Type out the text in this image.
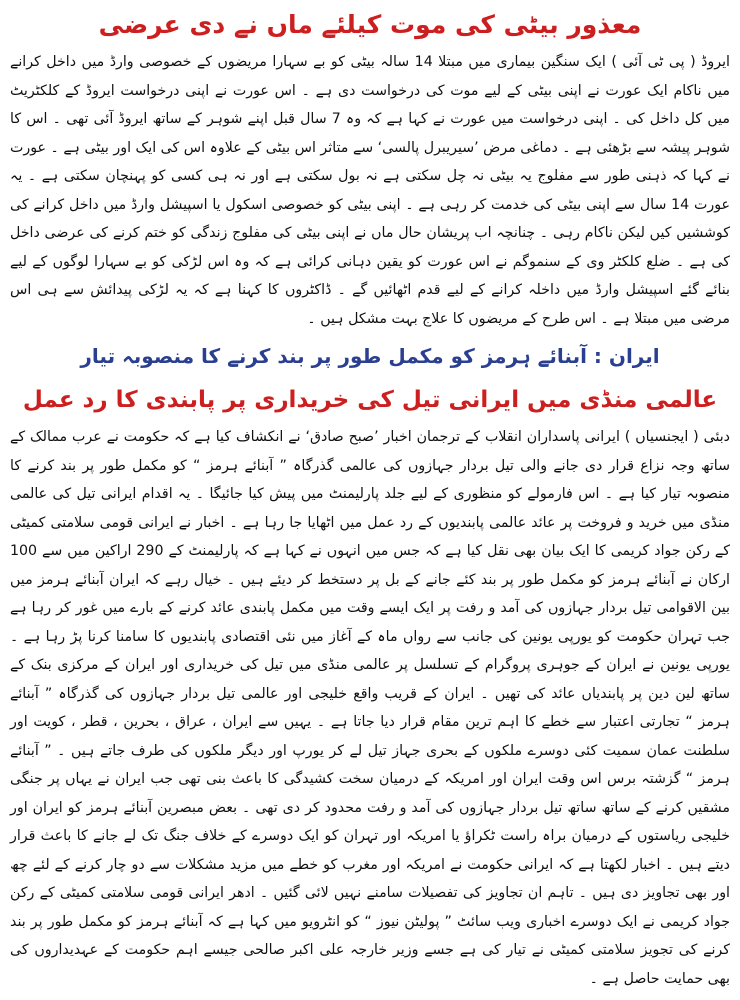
معذور بیٹی کی موت کیلئے ماں نے دی عرضی

ایروڈ ( پی ٹی آئی ) ایک سنگین بیماری میں مبتلا 14 سالہ بیٹی کو بے سہارا مریضوں کے خصوصی وارڈ میں داخل کرانے میں ناکام ایک عورت نے اپنی بیٹی کے لیے موت کی درخواست دی ہے ۔ اس عورت نے اپنی درخواست ایروڈ کے کلکٹریٹ میں کل داخل کی ۔ اپنی درخواست میں عورت نے کہا ہے کہ وہ 7 سال قبل اپنے شوہر کے ساتھ ایروڈ آئی تھی ۔ اس کا شوہر پیشہ سے بڑھئی ہے ۔ دماغی مرض ’سیریبرل پالسی‘ سے متاثر اس بیٹی کے علاوہ اس کی ایک اور بیٹی ہے ۔ عورت نے کہا کہ ذہنی طور سے مفلوج یہ بیٹی نہ چل سکتی ہے نہ بول سکتی ہے اور نہ ہی کسی کو پہنچان سکتی ہے ۔ یہ عورت 14 سال سے اپنی بیٹی کی خدمت کر رہی ہے ۔ اپنی بیٹی کو خصوصی اسکول یا اسپیشل وارڈ میں داخل کرانے کی کوششیں کیں لیکن ناکام رہی ۔ چنانچہ اب پریشان حال ماں نے اپنی بیٹی کی مفلوج زندگی کو ختم کرنے کی عرضی داخل کی ہے ۔ ضلع کلکٹر وی کے سنموگم نے اس عورت کو یقین دہانی کرائی ہے کہ وہ اس لڑکی کو بے سہارا لوگوں کے لیے بنائے گئے اسپیشل وارڈ میں داخلہ کرانے کے لیے قدم اٹھائیں گے ۔ ڈاکٹروں کا کہنا ہے کہ یہ لڑکی پیدائش سے ہی اس مرضی میں مبتلا ہے ۔ اس طرح کے مریضوں کا علاج بہت مشکل ہیں ۔

ایران : آبنائے ہرمز کو مکمل طور پر بند کرنے کا منصوبہ تیار
عالمی منڈی میں ایرانی تیل کی خریداری پر پابندی کا رد عمل

دبئی ( ایجنسیاں ) ایرانی پاسداران انقلاب کے ترجمان اخبار ’صبح صادق‘ نے انکشاف کیا ہے کہ حکومت نے عرب ممالک کے ساتھ وجہ نزاع قرار دی جانے والی تیل بردار جہازوں کی عالمی گذرگاہ ” آبنائے ہرمز “ کو مکمل طور پر بند کرنے کا منصوبہ تیار کیا ہے ۔ اس فارمولے کو منظوری کے لیے جلد پارلیمنٹ میں پیش کیا جائیگا ۔ یہ اقدام ایرانی تیل کی عالمی منڈی میں خرید و فروخت پر عائد عالمی پابندیوں کے رد عمل میں اٹھایا جا رہا ہے ۔ اخبار نے ایرانی قومی سلامتی کمیٹی کے رکن جواد کریمی کا ایک بیان بھی نقل کیا ہے کہ جس میں انہوں نے کہا ہے کہ پارلیمنٹ کے 290 اراکین میں سے 100 ارکان نے آبنائے ہرمز کو مکمل طور پر بند کئے جانے کے بل پر دستخط کر دیئے ہیں ۔ خیال رہے کہ ایران آبنائے ہرمز میں بین الاقوامی تیل بردار جہازوں کی آمد و رفت پر ایک ایسے وقت میں مکمل پابندی عائد کرنے کے بارے میں غور کر رہا ہے جب تہران حکومت کو یورپی یونین کی جانب سے رواں ماہ کے آغاز میں نئی اقتصادی پابندیوں کا سامنا کرنا پڑ رہا ہے ۔ یورپی یونین نے ایران کے جوہری پروگرام کے تسلسل پر عالمی منڈی میں تیل کی خریداری اور ایران کے مرکزی بنک کے ساتھ لین دین پر پابندیاں عائد کی تھیں ۔ ایران کے قریب واقع خلیجی اور عالمی تیل بردار جہازوں کی گذرگاہ ” آبنائے ہرمز “ تجارتی اعتبار سے خطے کا اہم ترین مقام قرار دیا جاتا ہے ۔ یہیں سے ایران ، عراق ، بحرین ، قطر ، کویت اور سلطنت عمان سمیت کئی دوسرے ملکوں کے بحری جہاز تیل لے کر یورپ اور دیگر ملکوں کی طرف جاتے ہیں ۔ ” آبنائے ہرمز “ گزشتہ برس اس وقت ایران اور امریکہ کے درمیان سخت کشیدگی کا باعث بنی تھی جب ایران نے یہاں پر جنگی مشقیں کرنے کے ساتھ ساتھ تیل بردار جہازوں کی آمد و رفت محدود کر دی تھی ۔ بعض مبصرین آبنائے ہرمز کو ایران اور خلیجی ریاستوں کے درمیان براہ راست ٹکراؤ یا امریکہ اور تہران کو ایک دوسرے کے خلاف جنگ تک لے جانے کا باعث قرار دیتے ہیں ۔ اخبار لکھتا ہے کہ ایرانی حکومت نے امریکہ اور مغرب کو خطے میں مزید مشکلات سے دو چار کرنے کے لئے چھ اور بھی تجاویز دی ہیں ۔ تاہم ان تجاویز کی تفصیلات سامنے نہیں لائی گئیں ۔ ادھر ایرانی قومی سلامتی کمیٹی کے رکن جواد کریمی نے ایک دوسرے اخباری ویب سائٹ ” پولیٹن نیوز “ کو انٹرویو میں کہا ہے کہ آبنائے ہرمز کو مکمل طور پر بند کرنے کی تجویز سلامتی کمیٹی نے تیار کی ہے جسے وزیر خارجہ علی اکبر صالحی جیسے اہم حکومت کے عہدیداروں کی بھی حمایت حاصل ہے ۔
